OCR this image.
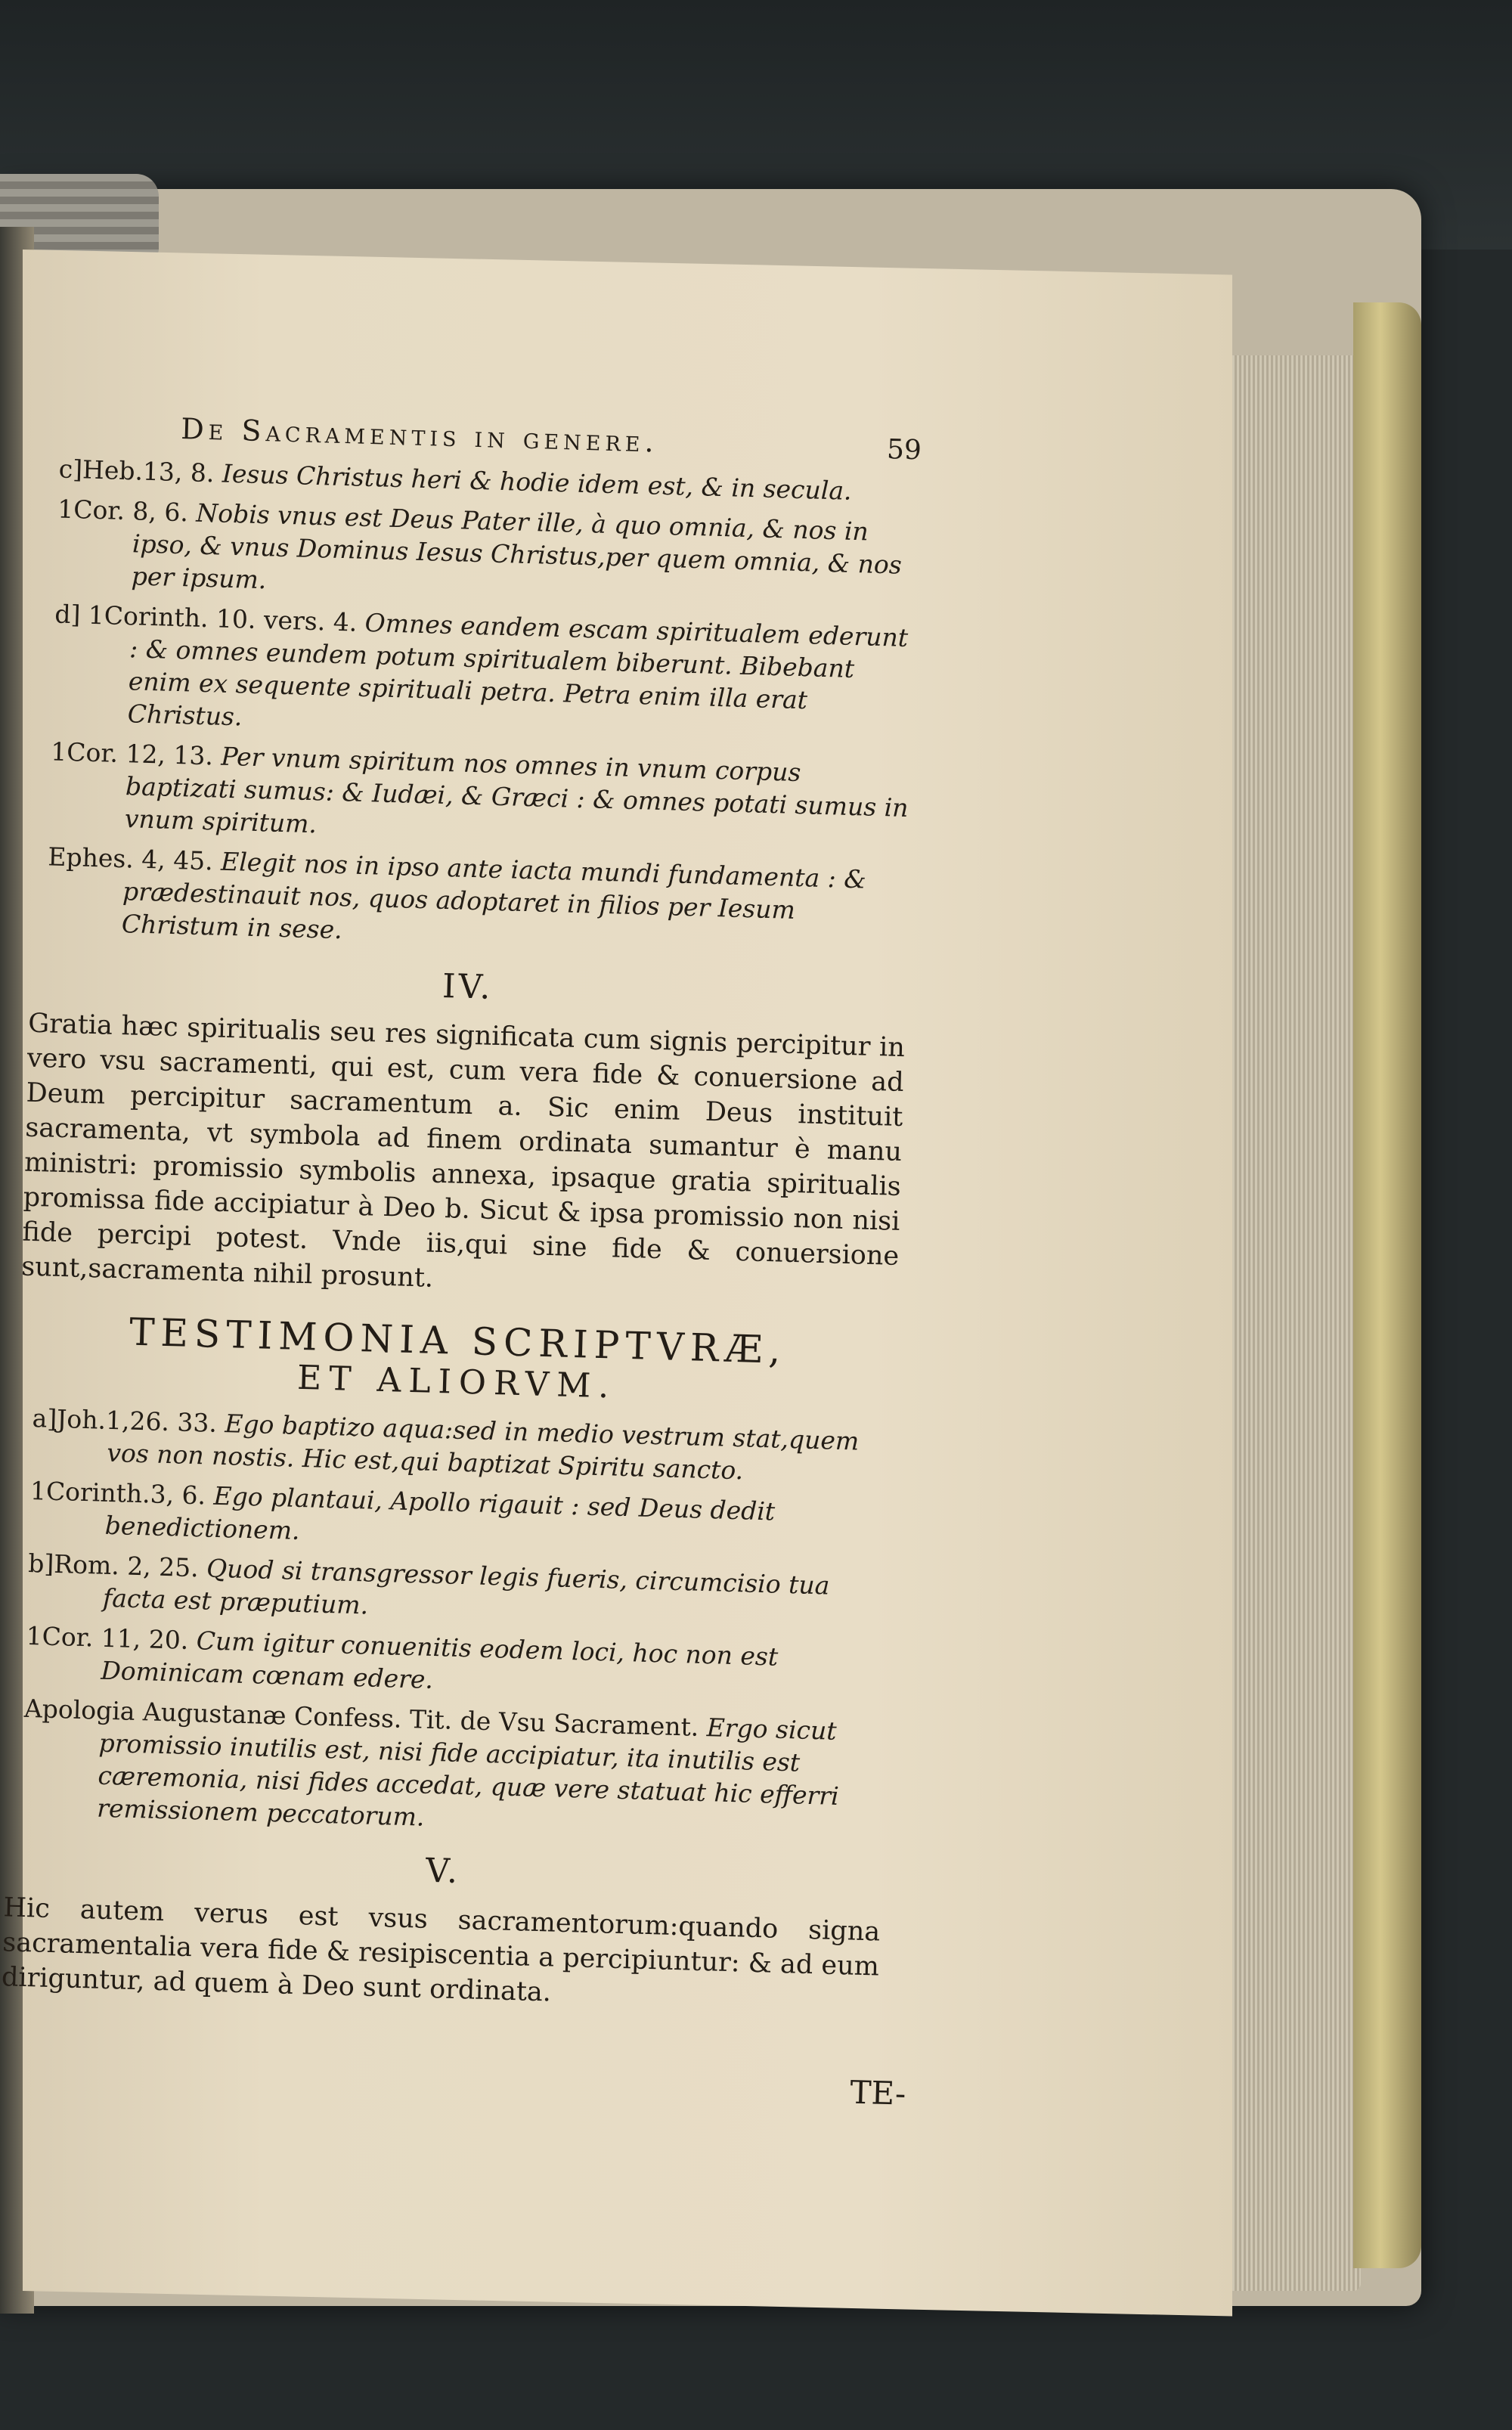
De Sacramentis in genere.	59

c]Heb.13, 8. Iesus Christus heri & hodie idem est, & in secula.

1Cor. 8, 6. Nobis vnus est Deus Pater ille, à quo omnia, & nos in ipso, & vnus Dominus Iesus Christus,per quem omnia, & nos per ipsum.

d] 1Corinth. 10. vers. 4. Omnes eandem escam spiritualem ederunt : & omnes eundem potum spiritualem biberunt. Bibebant enim ex sequente spirituali petra. Petra enim illa erat Christus.

1Cor. 12, 13. Per vnum spiritum nos omnes in vnum corpus baptizati sumus: & Iudæi, & Græci : & omnes potati sumus in vnum spiritum.

Ephes. 4, 45. Elegit nos in ipso ante iacta mundi fundamenta : & prædestinauit nos, quos adoptaret in filios per Iesum Christum in sese.

IV.

Gratia hæc spiritualis seu res significata cum signis percipitur in vero vsu sacramenti, qui est, cum vera fide & conuersione ad Deum percipitur sacramentum a. Sic enim Deus instituit sacramenta, vt symbola ad finem ordinata sumantur è manu ministri: promissio symbolis annexa, ipsaque gratia spiritualis promissa fide accipiatur à Deo b. Sicut & ipsa promissio non nisi fide percipi potest. Vnde iis,qui sine fide & conuersione sunt,sacramenta nihil prosunt.

TESTIMONIA SCRIPTVRÆ,
ET ALIORVM.

a]Joh.1,26. 33. Ego baptizo aqua:sed in medio vestrum stat,quem vos non nostis. Hic est,qui baptizat Spiritu sancto.

1Corinth.3, 6. Ego plantaui, Apollo rigauit : sed Deus dedit benedictionem.

b]Rom. 2, 25. Quod si transgressor legis fueris, circumcisio tua facta est præputium.

1Cor. 11, 20. Cum igitur conuenitis eodem loci, hoc non est Dominicam cœnam edere.

Apologia Augustanæ Confess. Tit. de Vsu Sacrament. Ergo sicut promissio inutilis est, nisi fide accipiatur, ita inutilis est cæremonia, nisi fides accedat, quæ vere statuat hic efferri remissionem peccatorum.

V.

Hic autem verus est vsus sacramentorum:quando signa sacramentalia vera fide & resipiscentia a percipiuntur: & ad eum diriguntur, ad quem à Deo sunt ordinata.

TE-
